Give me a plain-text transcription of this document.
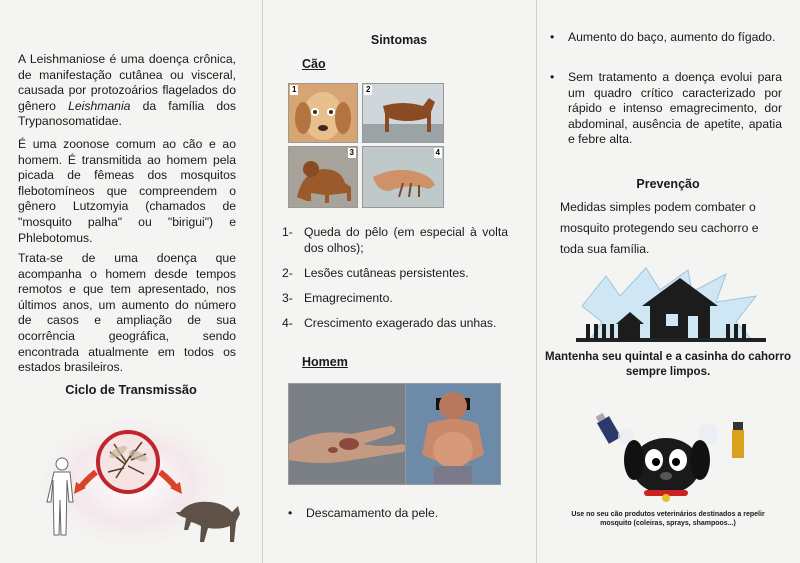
A Leishmaniose é uma doença crônica, de manifestação cutânea ou visceral, causada por protozoários flagelados do gênero Leishmania da família dos Trypanosomatidae.

É uma zoonose comum ao cão e ao homem. É transmitida ao homem pela picada de fêmeas dos mosquitos flebotomíneos que compreendem o gênero Lutzomyia (chamados de "mosquito palha" ou "birigui") e Phlebotomus.

Trata-se de uma doença que acompanha o homem desde tempos remotos e que tem apresentado, nos últimos anos, um aumento do número de casos e ampliação de sua ocorrência geográfica, sendo encontrada atualmente em todos os estados brasileiros.

Ciclo de Transmissão

Sintomas

Cão

1	2
3	4
1- Queda do pêlo (em especial à volta dos olhos);
2- Lesões cutâneas persistentes.
3- Emagrecimento.
4- Crescimento exagerado das unhas.

Homem

• Descamamento da pele.
• Aumento do baço, aumento do fígado.
• Sem tratamento a doença evolui para um quadro crítico caracterizado por rápido e intenso emagrecimento, dor abdominal, ausência de apetite, apatia e febre alta.

Prevenção

Medidas simples podem combater o mosquito protegendo seu cachorro e toda sua família.

Mantenha seu quintal e a casinha do cahorro sempre limpos.

Use no seu cão produtos veterinários destinados a repelir mosquito (coleiras, sprays, shampoos...)
